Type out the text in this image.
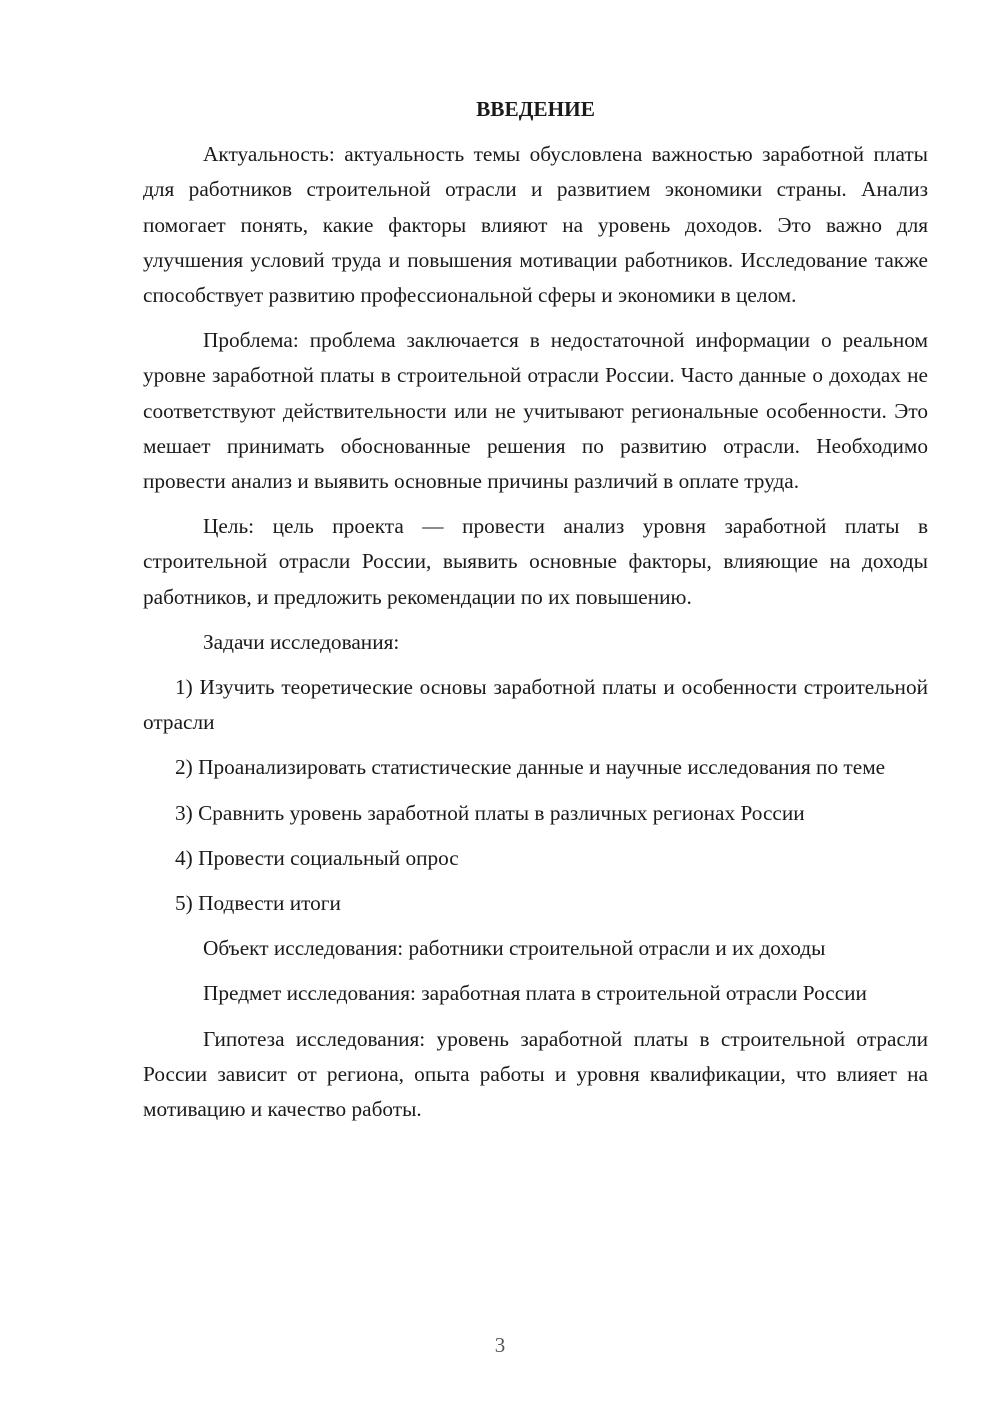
ВВЕДЕНИЕ

Актуальность: актуальность темы обусловлена важностью заработной платы для работников строительной отрасли и развитием экономики страны. Анализ помогает понять, какие факторы влияют на уровень доходов. Это важно для улучшения условий труда и повышения мотивации работников. Исследование также способствует развитию профессиональной сферы и экономики в целом.

Проблема: проблема заключается в недостаточной информации о реальном уровне заработной платы в строительной отрасли России. Часто данные о доходах не соответствуют действительности или не учитывают региональные особенности. Это мешает принимать обоснованные решения по развитию отрасли. Необходимо провести анализ и выявить основные причины различий в оплате труда.

Цель: цель проекта — провести анализ уровня заработной платы в строительной отрасли России, выявить основные факторы, влияющие на доходы работников, и предложить рекомендации по их повышению.

Задачи исследования:

1) Изучить теоретические основы заработной платы и особенности строительной отрасли

2) Проанализировать статистические данные и научные исследования по теме

3) Сравнить уровень заработной платы в различных регионах России

4) Провести социальный опрос

5) Подвести итоги

Объект исследования: работники строительной отрасли и их доходы

Предмет исследования: заработная плата в строительной отрасли России

Гипотеза исследования: уровень заработной платы в строительной отрасли России зависит от региона, опыта работы и уровня квалификации, что влияет на мотивацию и качество работы.

3
